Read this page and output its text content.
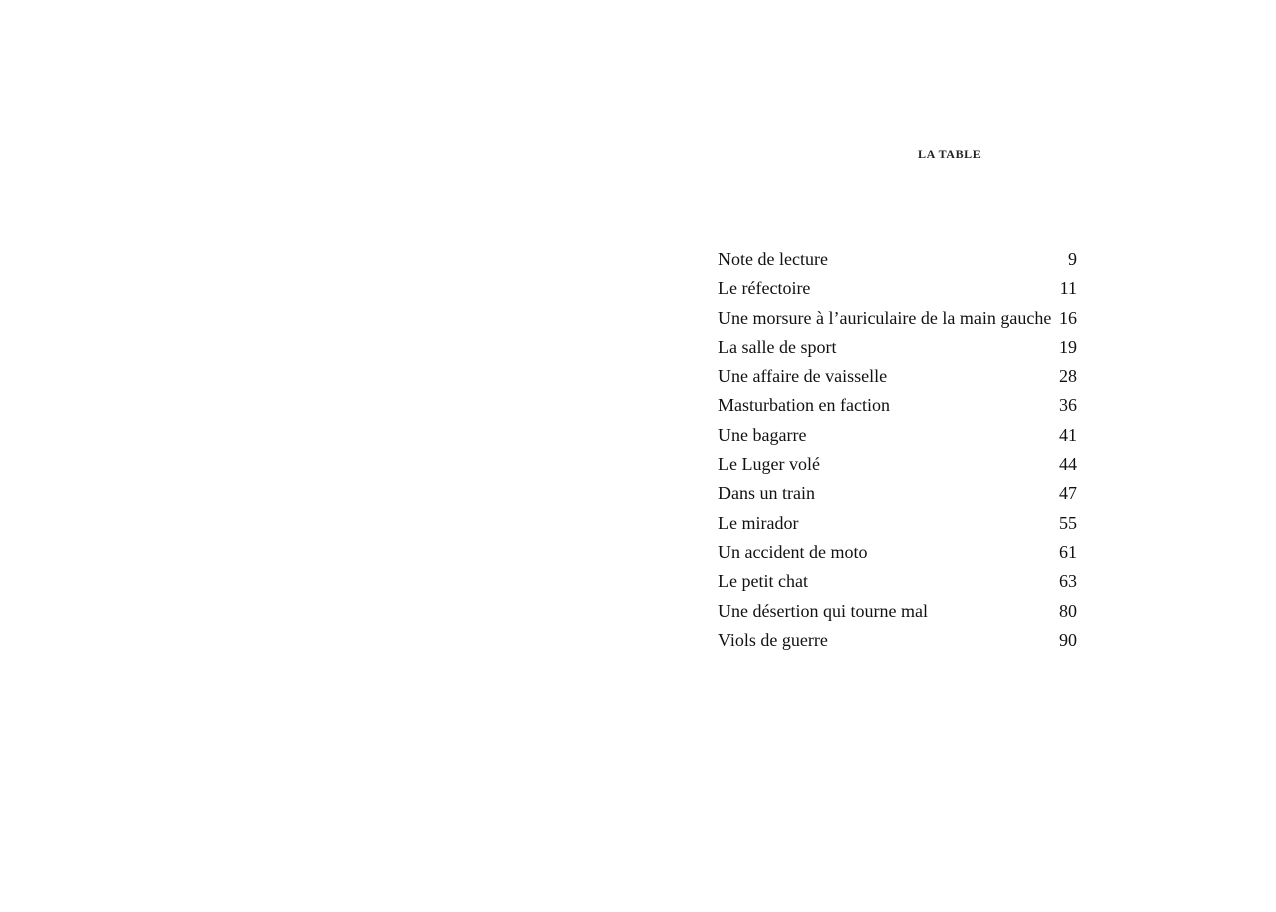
LA TABLE
Note de lecture	9
Le réfectoire	11
Une morsure à l’auriculaire de la main gauche 16
La salle de sport	19
Une affaire de vaisselle	28
Masturbation en faction	36
Une bagarre	41
Le Luger volé	44
Dans un train	47
Le mirador	55
Un accident de moto	61
Le petit chat	63
Une désertion qui tourne mal	80
Viols de guerre	90
